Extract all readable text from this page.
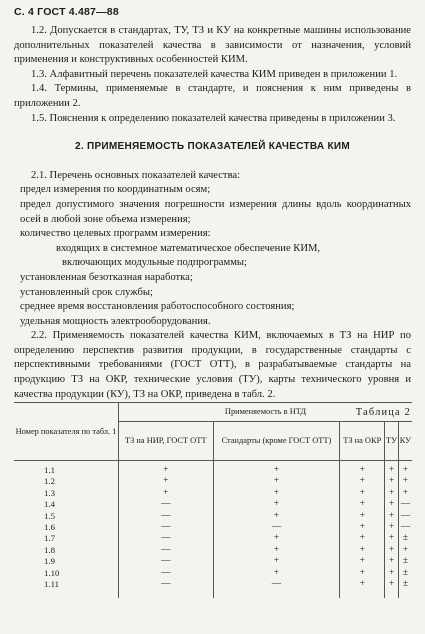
С. 4 ГОСТ 4.487—88

1.2. Допускается в стандартах, ТУ, ТЗ и КУ на конкретные машины использование дополнительных показателей качества в зависимости от назначения, условий применения и конструктивных особенностей КИМ.

1.3. Алфавитный перечень показателей качества КИМ приведен в приложении 1.

1.4. Термины, применяемые в стандарте, и пояснения к ним приведены в приложении 2.

1.5. Пояснения к определению показателей качества приведены в приложении 3.

2. ПРИМЕНЯЕМОСТЬ ПОКАЗАТЕЛЕЙ КАЧЕСТВА КИМ

2.1. Перечень основных показателей качества:

предел измерения по координатным осям;

предел допустимого значения погрешности измерения длины вдоль координатных осей в любой зоне объема измерения;

количество целевых программ измерения:

входящих в системное математическое обеспечение КИМ,

включающих модульные подпрограммы;

установленная безотказная наработка;

установленный срок службы;

среднее время восстановления работоспособного состояния;

удельная мощность электрооборудования.

2.2. Применяемость показателей качества КИМ, включаемых в ТЗ на НИР по определению перспектив развития продукции, в государственные стандарты с перспективными требованиями (ГОСТ ОТТ), в разрабатываемые стандарты на продукцию ТЗ на ОКР, технические условия (ТУ), карты технического уровня и качества продукции (КУ), ТЗ на ОКР, приведена в табл. 2.

Таблица 2
Номер показателя по табл. 1	Применяемость в НТД				
	ТЗ на НИР, ГОСТ ОТТ	Стандарты (кроме ГОСТ ОТТ)	ТЗ на ОКР	ТУ	КУ
1.1	+	+	+	+	+
1.2	+	+	+	+	+
1.3	+	+	+	+	+
1.4	—	+	+	+	—
1.5	—	+	+	+	—
1.6	—	—	+	+	—
1.7	—	+	+	+	±
1.8	—	+	+	+	+
1.9	—	+	+	+	±
1.10	—	+	+	+	±
1.11	—	—	+	+	±
